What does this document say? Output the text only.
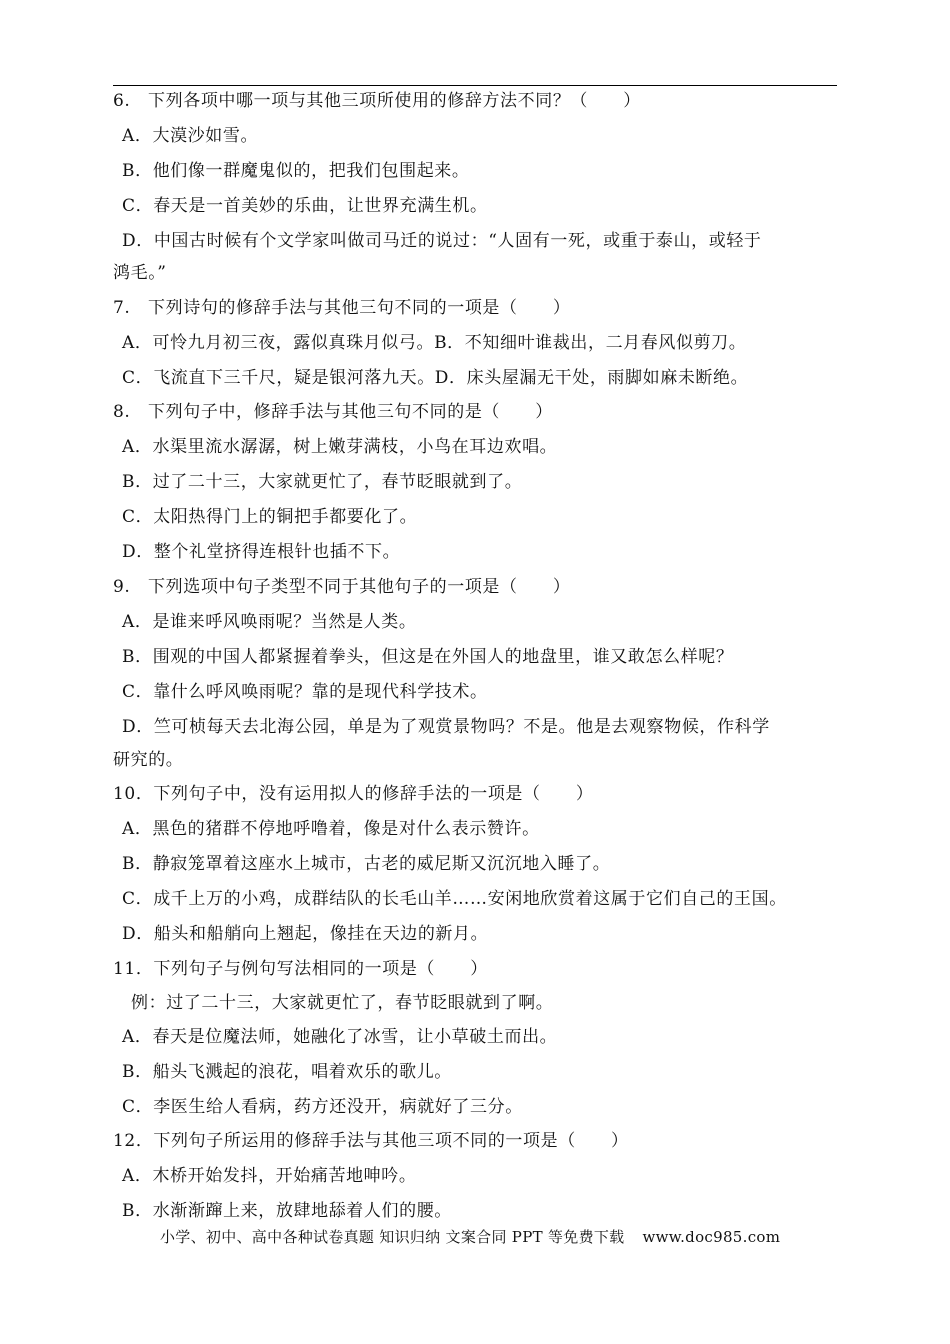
6.　下列各项中哪一项与其他三项所使用的修辞方法不同？（　　）
A．大漠沙如雪。
B．他们像一群魔鬼似的，把我们包围起来。
C．春天是一首美妙的乐曲，让世界充满生机。
D．中国古时候有个文学家叫做司马迁的说过：“人固有一死，或重于泰山，或轻于
鸿毛。”
7.　下列诗句的修辞手法与其他三句不同的一项是（　　）
A．可怜九月初三夜，露似真珠月似弓。B．不知细叶谁裁出，二月春风似剪刀。
C．飞流直下三千尺，疑是银河落九天。D．床头屋漏无干处，雨脚如麻未断绝。
8.　下列句子中，修辞手法与其他三句不同的是（　　）
A．水渠里流水潺潺，树上嫩芽满枝，小鸟在耳边欢唱。
B．过了二十三，大家就更忙了，春节眨眼就到了。
C．太阳热得门上的铜把手都要化了。
D．整个礼堂挤得连根针也插不下。
9.　下列选项中句子类型不同于其他句子的一项是（　　）
A．是谁来呼风唤雨呢？当然是人类。
B．围观的中国人都紧握着拳头，但这是在外国人的地盘里，谁又敢怎么样呢？
C．靠什么呼风唤雨呢？靠的是现代科学技术。
D．竺可桢每天去北海公园，单是为了观赏景物吗？不是。他是去观察物候，作科学
研究的。
10．下列句子中，没有运用拟人的修辞手法的一项是（　　）
A．黑色的猪群不停地呼噜着，像是对什么表示赞许。
B．静寂笼罩着这座水上城市，古老的威尼斯又沉沉地入睡了。
C．成千上万的小鸡，成群结队的长毛山羊……安闲地欣赏着这属于它们自己的王国。
D．船头和船艄向上翘起，像挂在天边的新月。
11．下列句子与例句写法相同的一项是（　　）
例：过了二十三，大家就更忙了，春节眨眼就到了啊。
A．春天是位魔法师，她融化了冰雪，让小草破土而出。
B．船头飞溅起的浪花，唱着欢乐的歌儿。
C．李医生给人看病，药方还没开，病就好了三分。
12．下列句子所运用的修辞手法与其他三项不同的一项是（　　）
A．木桥开始发抖，开始痛苦地呻吟。
B．水渐渐蹿上来，放肆地舔着人们的腰。
小学、初中、高中各种试卷真题 知识归纳 文案合同 PPT 等免费下载 www.doc985.com
